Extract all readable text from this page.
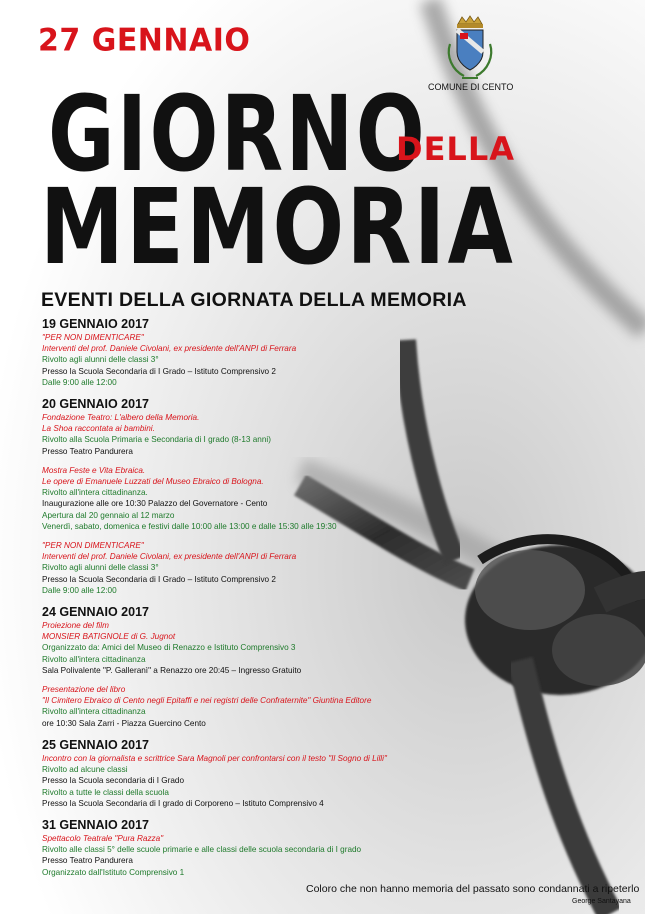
27 GENNAIO
GIORNO
DELLA
MEMORIA
EVENTI DELLA GIORNATA DELLA MEMORIA
COMUNE DI CENTO
19 GENNAIO 2017
"PER NON DIMENTICARE"
Interventi del prof. Daniele Civolani, ex presidente dell'ANPI di Ferrara
Rivolto agli alunni delle classi 3°
Presso la Scuola Secondaria di I Grado – Istituto Comprensivo 2
Dalle 9:00 alle 12:00
20 GENNAIO 2017
Fondazione Teatro: L'albero della Memoria.
La Shoa raccontata ai bambini.
Rivolto alla Scuola Primaria e Secondaria di I grado (8-13 anni)
Presso Teatro Pandurera
Mostra Feste e Vita Ebraica.
Le opere di Emanuele Luzzati del Museo Ebraico di Bologna.
Rivolto all'intera cittadinanza.
Inaugurazione alle ore 10:30 Palazzo del Governatore - Cento
Apertura dal 20 gennaio al 12 marzo
Venerdì, sabato, domenica e festivi dalle 10:00 alle 13:00 e dalle 15:30 alle 19:30
"PER NON DIMENTICARE"
Interventi del prof. Daniele Civolani, ex presidente dell'ANPI di Ferrara
Rivolto agli alunni delle classi 3°
Presso la Scuola Secondaria di I Grado – Istituto Comprensivo 2
Dalle 9:00 alle 12:00
24 GENNAIO 2017
Proiezione del film
MONSIER BATIGNOLE di G. Jugnot
Organizzato da: Amici del Museo di Renazzo e Istituto Comprensivo 3
Rivolto all'intera cittadinanza
Sala Polivalente "P. Galleranì" a Renazzo ore 20:45 – Ingresso Gratuito
Presentazione del libro
"Il Cimitero Ebraico di Cento negli Epitaffi e nei registri delle Confraternite" Giuntina Editore
Rivolto all'intera cittadinanza
ore 10:30 Sala Zarri - Piazza Guercino Cento
25 GENNAIO 2017
Incontro con la giornalista e scrittrice Sara Magnoli per confrontarsi con il testo "Il Sogno di Lilli"
Rivolto ad alcune classi
Presso la Scuola secondaria di I Grado
Rivolto a tutte le classi della scuola
Presso la Scuola Secondaria di I grado di Corporeno – Istituto Comprensivo 4
31 GENNAIO 2017
Spettacolo Teatrale "Pura Razza"
Rivolto alle classi 5° delle scuole primarie e alle classi delle scuola secondaria di I grado
Presso Teatro Pandurera
Organizzato dall'Istituto Comprensivo 1
Coloro che non hanno memoria del passato sono condannati a ripeterlo
George Santayana
